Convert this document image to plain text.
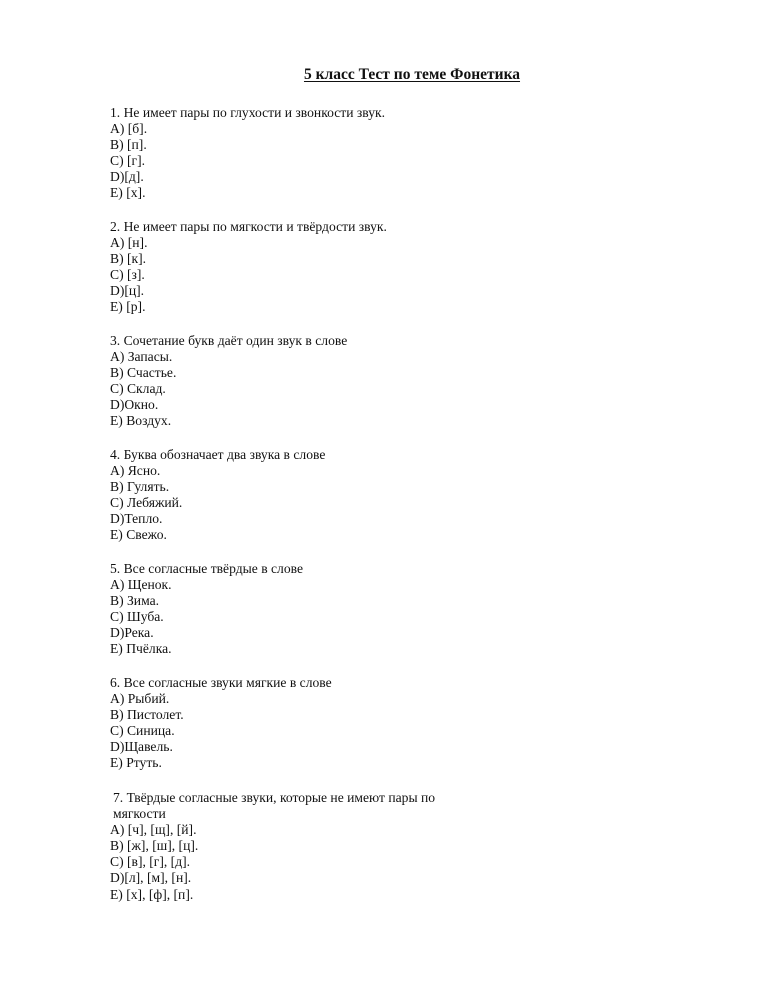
5 класс Тест по теме Фонетика
1. Не имеет пары по глухости и звонкости звук.
А) [б].
В) [п].
С) [г].
D)[д].
Е) [х].
2. Не имеет пары по мягкости и твёрдости звук.
А) [н].
В) [к].
С) [з].
D)[ц].
Е) [р].
3. Сочетание букв даёт один звук в слове
А) Запасы.
В) Счастье.
С) Склад.
D)Окно.
Е) Воздух.
4. Буква обозначает два звука в слове
А) Ясно.
В) Гулять.
С) Лебяжий.
D)Тепло.
Е) Свежо.
5. Все согласные твёрдые в слове
А) Щенок.
В) Зима.
С) Шуба.
D)Река.
Е) Пчёлка.
6. Все согласные звуки мягкие в слове
А) Рыбий.
В) Пистолет.
С) Синица.
D)Щавель.
Е) Ртуть.
7. Твёрдые согласные звуки, которые не имеют пары по
мягкости
А) [ч], [щ], [й].
В) [ж], [ш], [ц].
С) [в], [г], [д].
D)[л], [м], [н].
Е) [х], [ф], [п].
